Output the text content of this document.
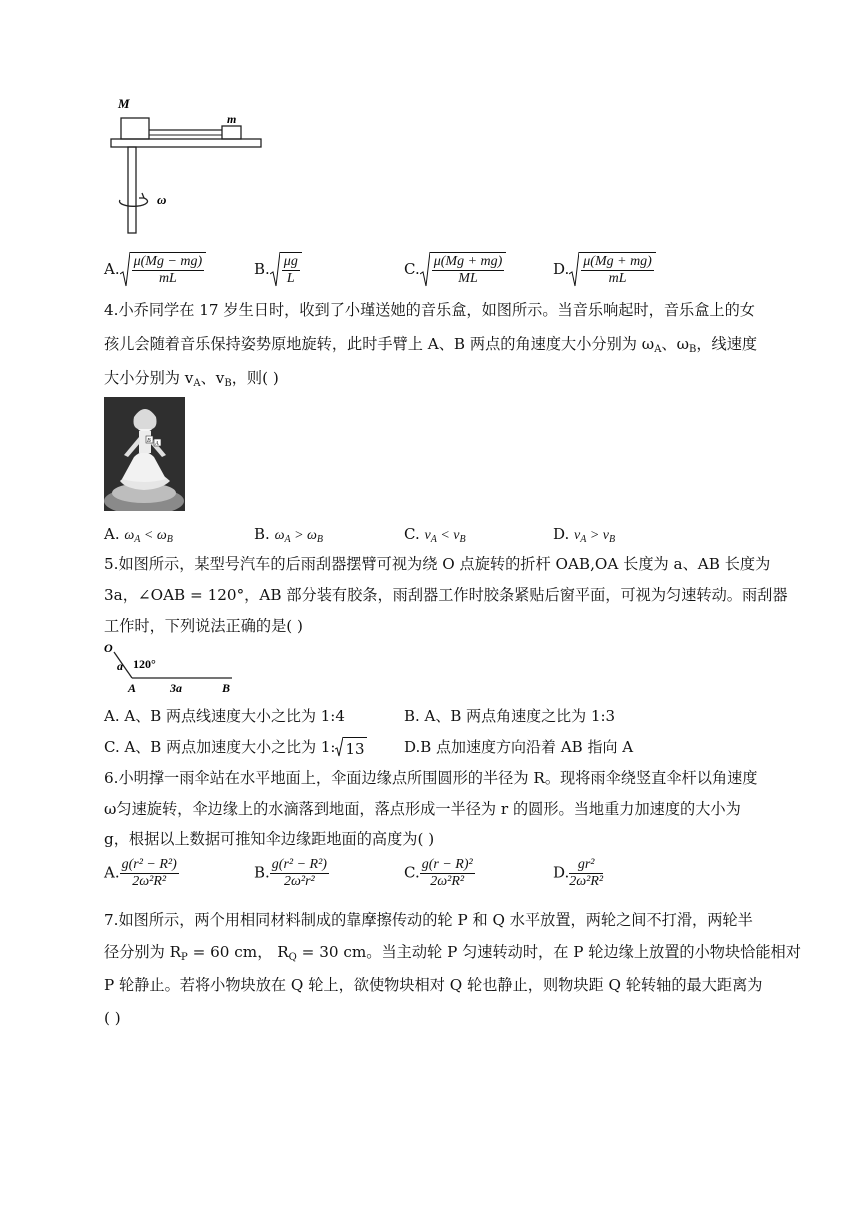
M
m
ω
A. $\frac{\mu(Mg - mg)}{mL}$	B. $\frac{\mu g}{L}$	C. $\frac{\mu(Mg + mg)}{ML}$	D. $\frac{\mu(Mg + mg)}{mL}$
4.小乔同学在 17 岁生日时，收到了小瑾送她的音乐盒，如图所示。当音乐响起时，音乐盒上的女
孩儿会随着音乐保持姿势原地旋转，此时手臂上 A、B 两点的角速度大小分别为 $\omega_A$、$\omega_B$，线速度
大小分别为 $v_A$、$v_B$，则( )
B A
A. $\omega_A < \omega_B$	B. $\omega_A > \omega_B$	C. $v_A < v_B$	D. $v_A > v_B$
5.如图所示，某型号汽车的后雨刮器摆臂可视为绕 O 点旋转的折杆 OAB,OA 长度为 a、AB 长度为
3a，∠OAB = 120°，AB 部分装有胶条，雨刮器工作时胶条紧贴后窗平面，可视为匀速转动。雨刮器
工作时，下列说法正确的是( )
O
a 120°
A	3a	B
A. A、B 两点线速度大小之比为 1:4	B. A、B 两点角速度之比为 1:3
C. A、B 两点加速度大小之比为 1: 13	D.B 点加速度方向沿着 AB 指向 A
6.小明撑一雨伞站在水平地面上，伞面边缘点所围圆形的半径为 R。现将雨伞绕竖直伞杆以角速度
ω匀速旋转，伞边缘上的水滴落到地面，落点形成一半径为 r 的圆形。当地重力加速度的大小为
g，根据以上数据可推知伞边缘距地面的高度为( )
A. $\frac{\text{g(r² − R²)}}{\text{2ω²R²}}$	B. $\frac{\text{g(r² − R²)}}{\text{2ω²r²}}$	C. $\frac{\text{g(r − R)²}}{\text{2ω²R²}}$	D. $\frac{\text{gr²}}{\text{2ω²R²}}$
7.如图所示，两个用相同材料制成的靠摩擦传动的轮 P 和 Q 水平放置，两轮之间不打滑，两轮半
径分别为 $R_P = 60$ cm， $R_Q = 30$ cm。当主动轮 P 匀速转动时，在 P 轮边缘上放置的小物块恰能相对
P 轮静止。若将小物块放在 Q 轮上，欲使物块相对 Q 轮也静止，则物块距 Q 轮转轴的最大距离为
( )
